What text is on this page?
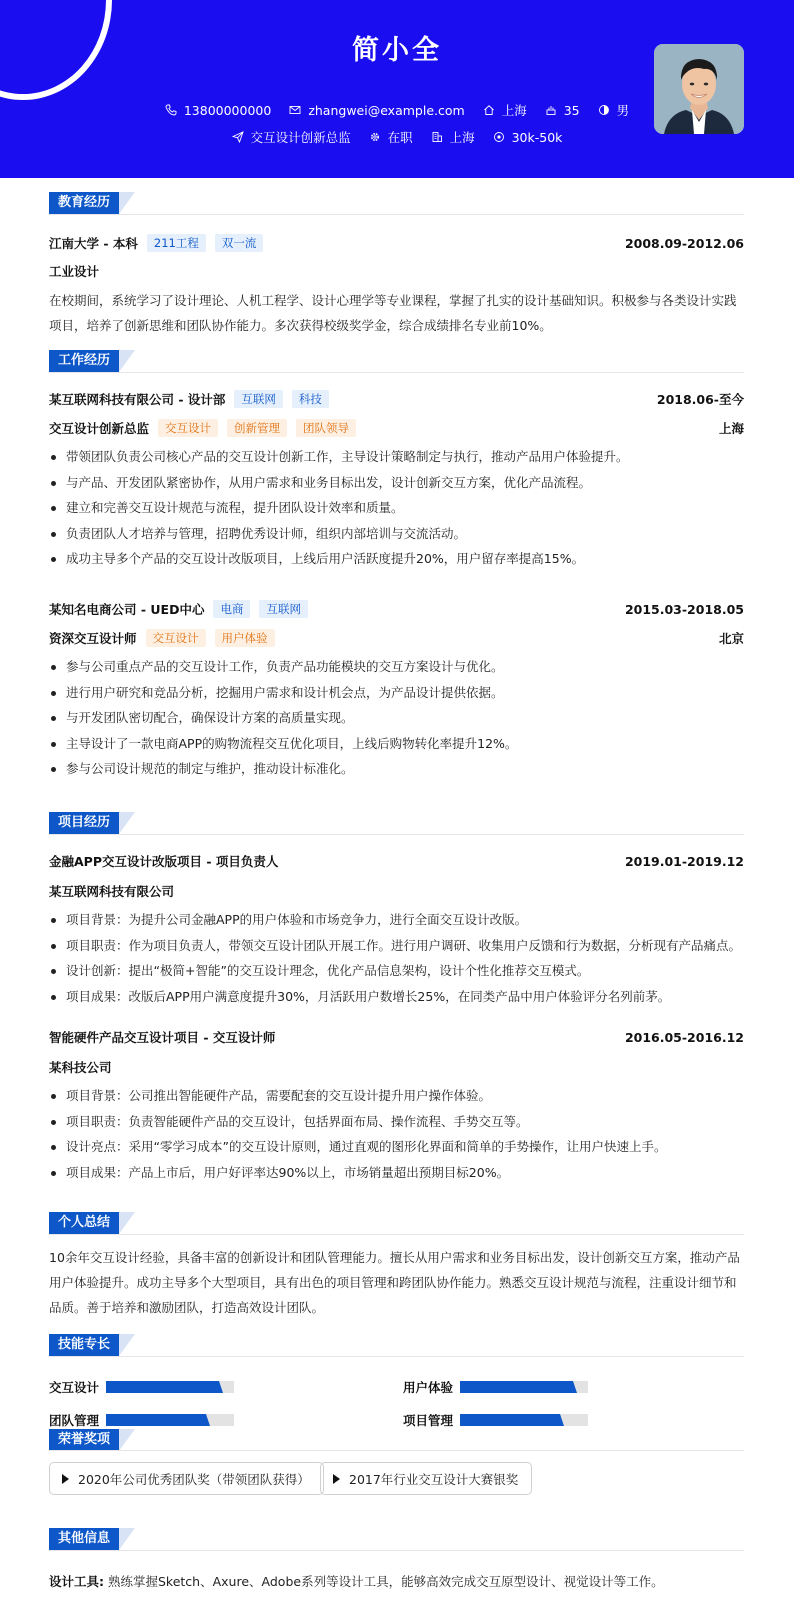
简小全
13800000000	zhangwei@example.com	上海	35	男
交互设计创新总监	在职	上海	30k-50k
教育经历
江南大学 - 本科	211工程	双一流	2008.09-2012.06
工业设计
在校期间，系统学习了设计理论、人机工程学、设计心理学等专业课程，掌握了扎实的设计基础知识。积极参与各类设计实践项目，培养了创新思维和团队协作能力。多次获得校级奖学金，综合成绩排名专业前10%。
工作经历
某互联网科技有限公司 - 设计部	互联网	科技	2018.06-至今
交互设计创新总监	交互设计	创新管理	团队领导	上海
带领团队负责公司核心产品的交互设计创新工作，主导设计策略制定与执行，推动产品用户体验提升。
与产品、开发团队紧密协作，从用户需求和业务目标出发，设计创新交互方案，优化产品流程。
建立和完善交互设计规范与流程，提升团队设计效率和质量。
负责团队人才培养与管理，招聘优秀设计师，组织内部培训与交流活动。
成功主导多个产品的交互设计改版项目，上线后用户活跃度提升20%，用户留存率提高15%。
某知名电商公司 - UED中心	电商	互联网	2015.03-2018.05
资深交互设计师	交互设计	用户体验	北京
参与公司重点产品的交互设计工作，负责产品功能模块的交互方案设计与优化。
进行用户研究和竞品分析，挖掘用户需求和设计机会点，为产品设计提供依据。
与开发团队密切配合，确保设计方案的高质量实现。
主导设计了一款电商APP的购物流程交互优化项目，上线后购物转化率提升12%。
参与公司设计规范的制定与维护，推动设计标准化。
项目经历
金融APP交互设计改版项目 - 项目负责人	2019.01-2019.12
某互联网科技有限公司
项目背景：为提升公司金融APP的用户体验和市场竞争力，进行全面交互设计改版。
项目职责：作为项目负责人，带领交互设计团队开展工作。进行用户调研、收集用户反馈和行为数据，分析现有产品痛点。
设计创新：提出“极简+智能”的交互设计理念，优化产品信息架构，设计个性化推荐交互模式。
项目成果：改版后APP用户满意度提升30%，月活跃用户数增长25%，在同类产品中用户体验评分名列前茅。
智能硬件产品交互设计项目 - 交互设计师	2016.05-2016.12
某科技公司
项目背景：公司推出智能硬件产品，需要配套的交互设计提升用户操作体验。
项目职责：负责智能硬件产品的交互设计，包括界面布局、操作流程、手势交互等。
设计亮点：采用“零学习成本”的交互设计原则，通过直观的图形化界面和简单的手势操作，让用户快速上手。
项目成果：产品上市后，用户好评率达90%以上，市场销量超出预期目标20%。
个人总结
10余年交互设计经验，具备丰富的创新设计和团队管理能力。擅长从用户需求和业务目标出发，设计创新交互方案，推动产品用户体验提升。成功主导多个大型项目，具有出色的项目管理和跨团队协作能力。熟悉交互设计规范与流程，注重设计细节和品质。善于培养和激励团队，打造高效设计团队。
技能专长
交互设计	用户体验
团队管理	项目管理
荣誉奖项
2020年公司优秀团队奖（带领团队获得）	2017年行业交互设计大赛银奖
其他信息
设计工具: 熟练掌握Sketch、Axure、Adobe系列等设计工具，能够高效完成交互原型设计、视觉设计等工作。
